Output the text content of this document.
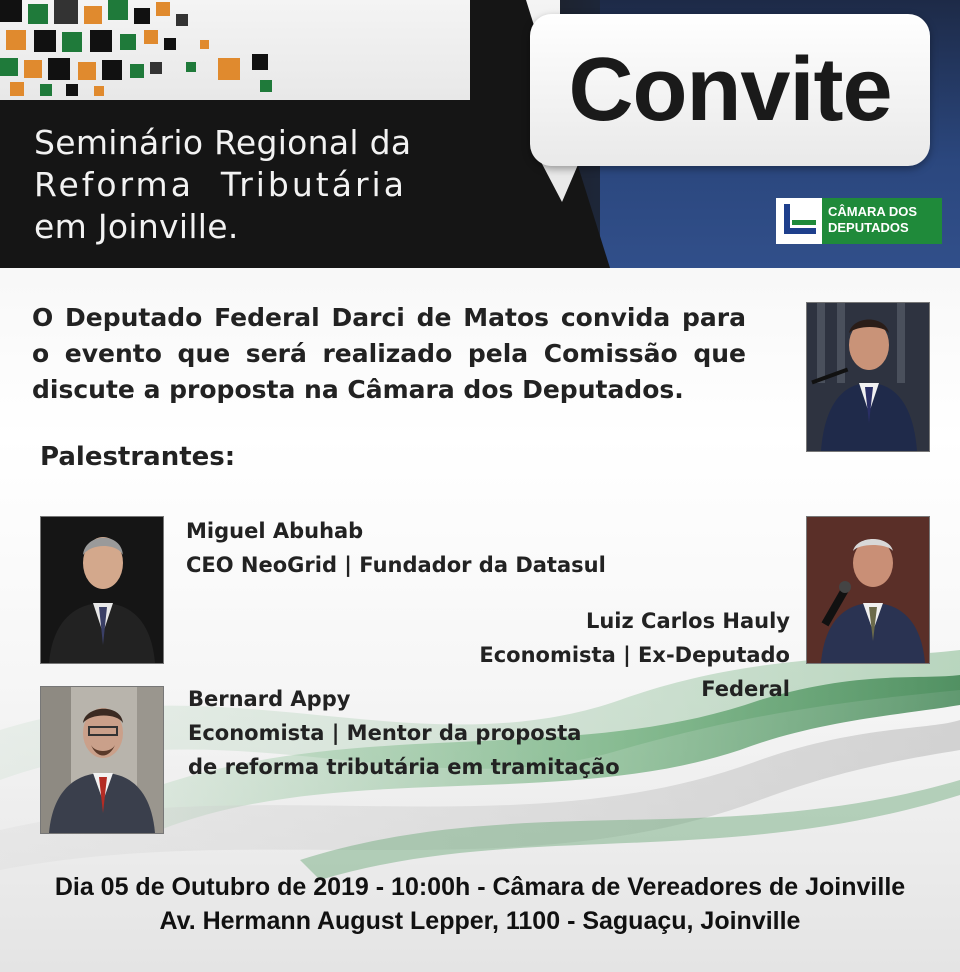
Seminário Regional da
Reforma  Tributária
em Joinville.
Convite
CÂMARA DOS
DEPUTADOS
O Deputado Federal Darci de Matos convida para o evento que será realizado pela Comissão que discute a proposta na Câmara dos Deputados.
Palestrantes:
Miguel Abuhab
CEO NeoGrid | Fundador da Datasul
Luiz Carlos Hauly
Economista | Ex-Deputado Federal
Bernard Appy
Economista | Mentor da proposta
de reforma tributária em tramitação
Dia 05 de Outubro de 2019 - 10:00h - Câmara de Vereadores de Joinville
Av. Hermann August Lepper, 1100 - Saguaçu, Joinville
